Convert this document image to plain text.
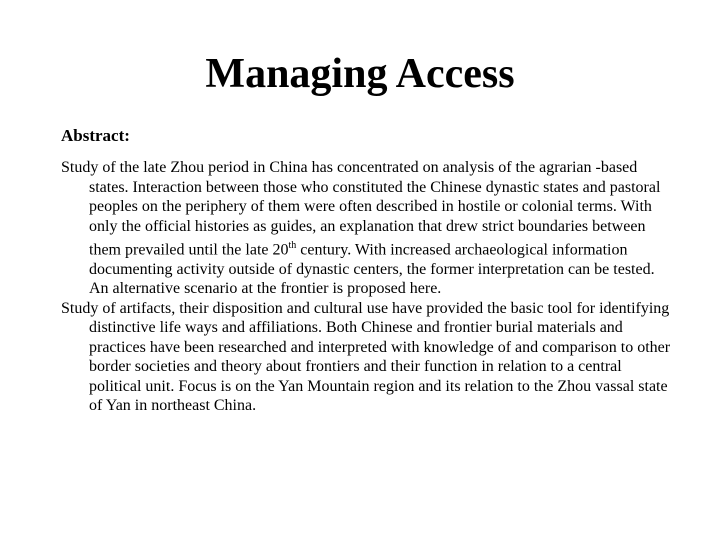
Managing Access
Abstract:

Study of the late Zhou period in China has concentrated on analysis of the agrarian -based states. Interaction between those who constituted the Chinese dynastic states and pastoral peoples on the periphery of them were often described in hostile or colonial terms. With only the official histories as guides, an explanation that drew strict boundaries between them prevailed until the late 20th century. With increased archaeological information documenting activity outside of dynastic centers, the former interpretation can be tested. An alternative scenario at the frontier is proposed here.

Study of artifacts, their disposition and cultural use have provided the basic tool for identifying distinctive life ways and affiliations. Both Chinese and frontier burial materials and practices have been researched and interpreted with knowledge of and comparison to other border societies and theory about frontiers and their function in relation to a central political unit. Focus is on the Yan Mountain region and its relation to the Zhou vassal state of Yan in northeast China.
